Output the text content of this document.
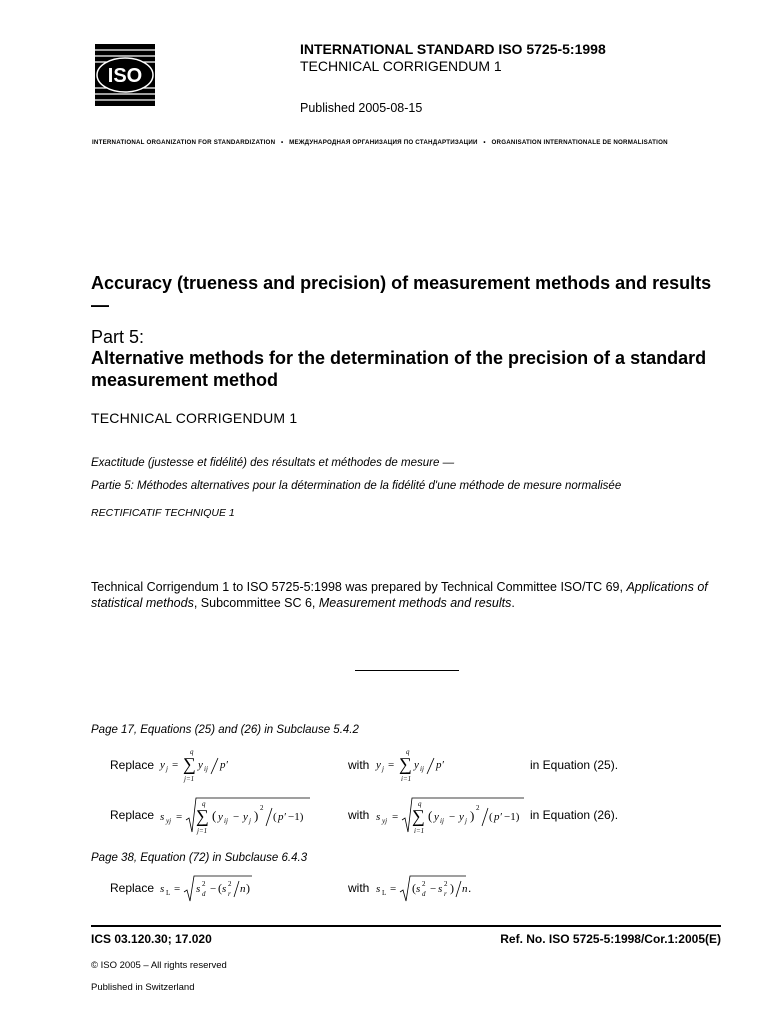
ISO
INTERNATIONAL STANDARD ISO 5725-5:1998
TECHNICAL CORRIGENDUM 1
Published 2005-08-15
INTERNATIONAL ORGANIZATION FOR STANDARDIZATION • МЕЖДУНАРОДНАЯ ОРГАНИЗАЦИЯ ПО СТАНДАРТИЗАЦИИ • ORGANISATION INTERNATIONALE DE NORMALISATION
Accuracy (trueness and precision) of measurement methods and results —
Part 5:
Alternative methods for the determination of the precision of a standard measurement method
TECHNICAL CORRIGENDUM 1
Exactitude (justesse et fidélité) des résultats et méthodes de mesure —
Partie 5: Méthodes alternatives pour la détermination de la fidélité d'une méthode de mesure normalisée
RECTIFICATIF TECHNIQUE 1
Technical Corrigendum 1 to ISO 5725-5:1998 was prepared by Technical Committee ISO/TC 69, Applications of statistical methods, Subcommittee SC 6, Measurement methods and results.
Page 17, Equations (25) and (26) in Subclause 5.4.2
Replace y j =
q
∑
j=1
y ij p′	with y j =
q
∑
i=1
y ij p′	in Equation (25).
Replace s yj =
q
∑
j=1
( y ij − y j ) 2
( p′ −1)	with s yj =
q
∑
i=1
( y ij − y j ) 2
( p′ −1) in Equation (26).
Page 38, Equation (72) in Subclause 6.4.3
Replace s L = s 2
d − ( s 2
r n )	with s L = ( s 2
d − s 2
r ) n .
ICS 03.120.30; 17.020	Ref. No. ISO 5725-5:1998/Cor.1:2005(E)
© ISO 2005 – All rights reserved
Published in Switzerland
